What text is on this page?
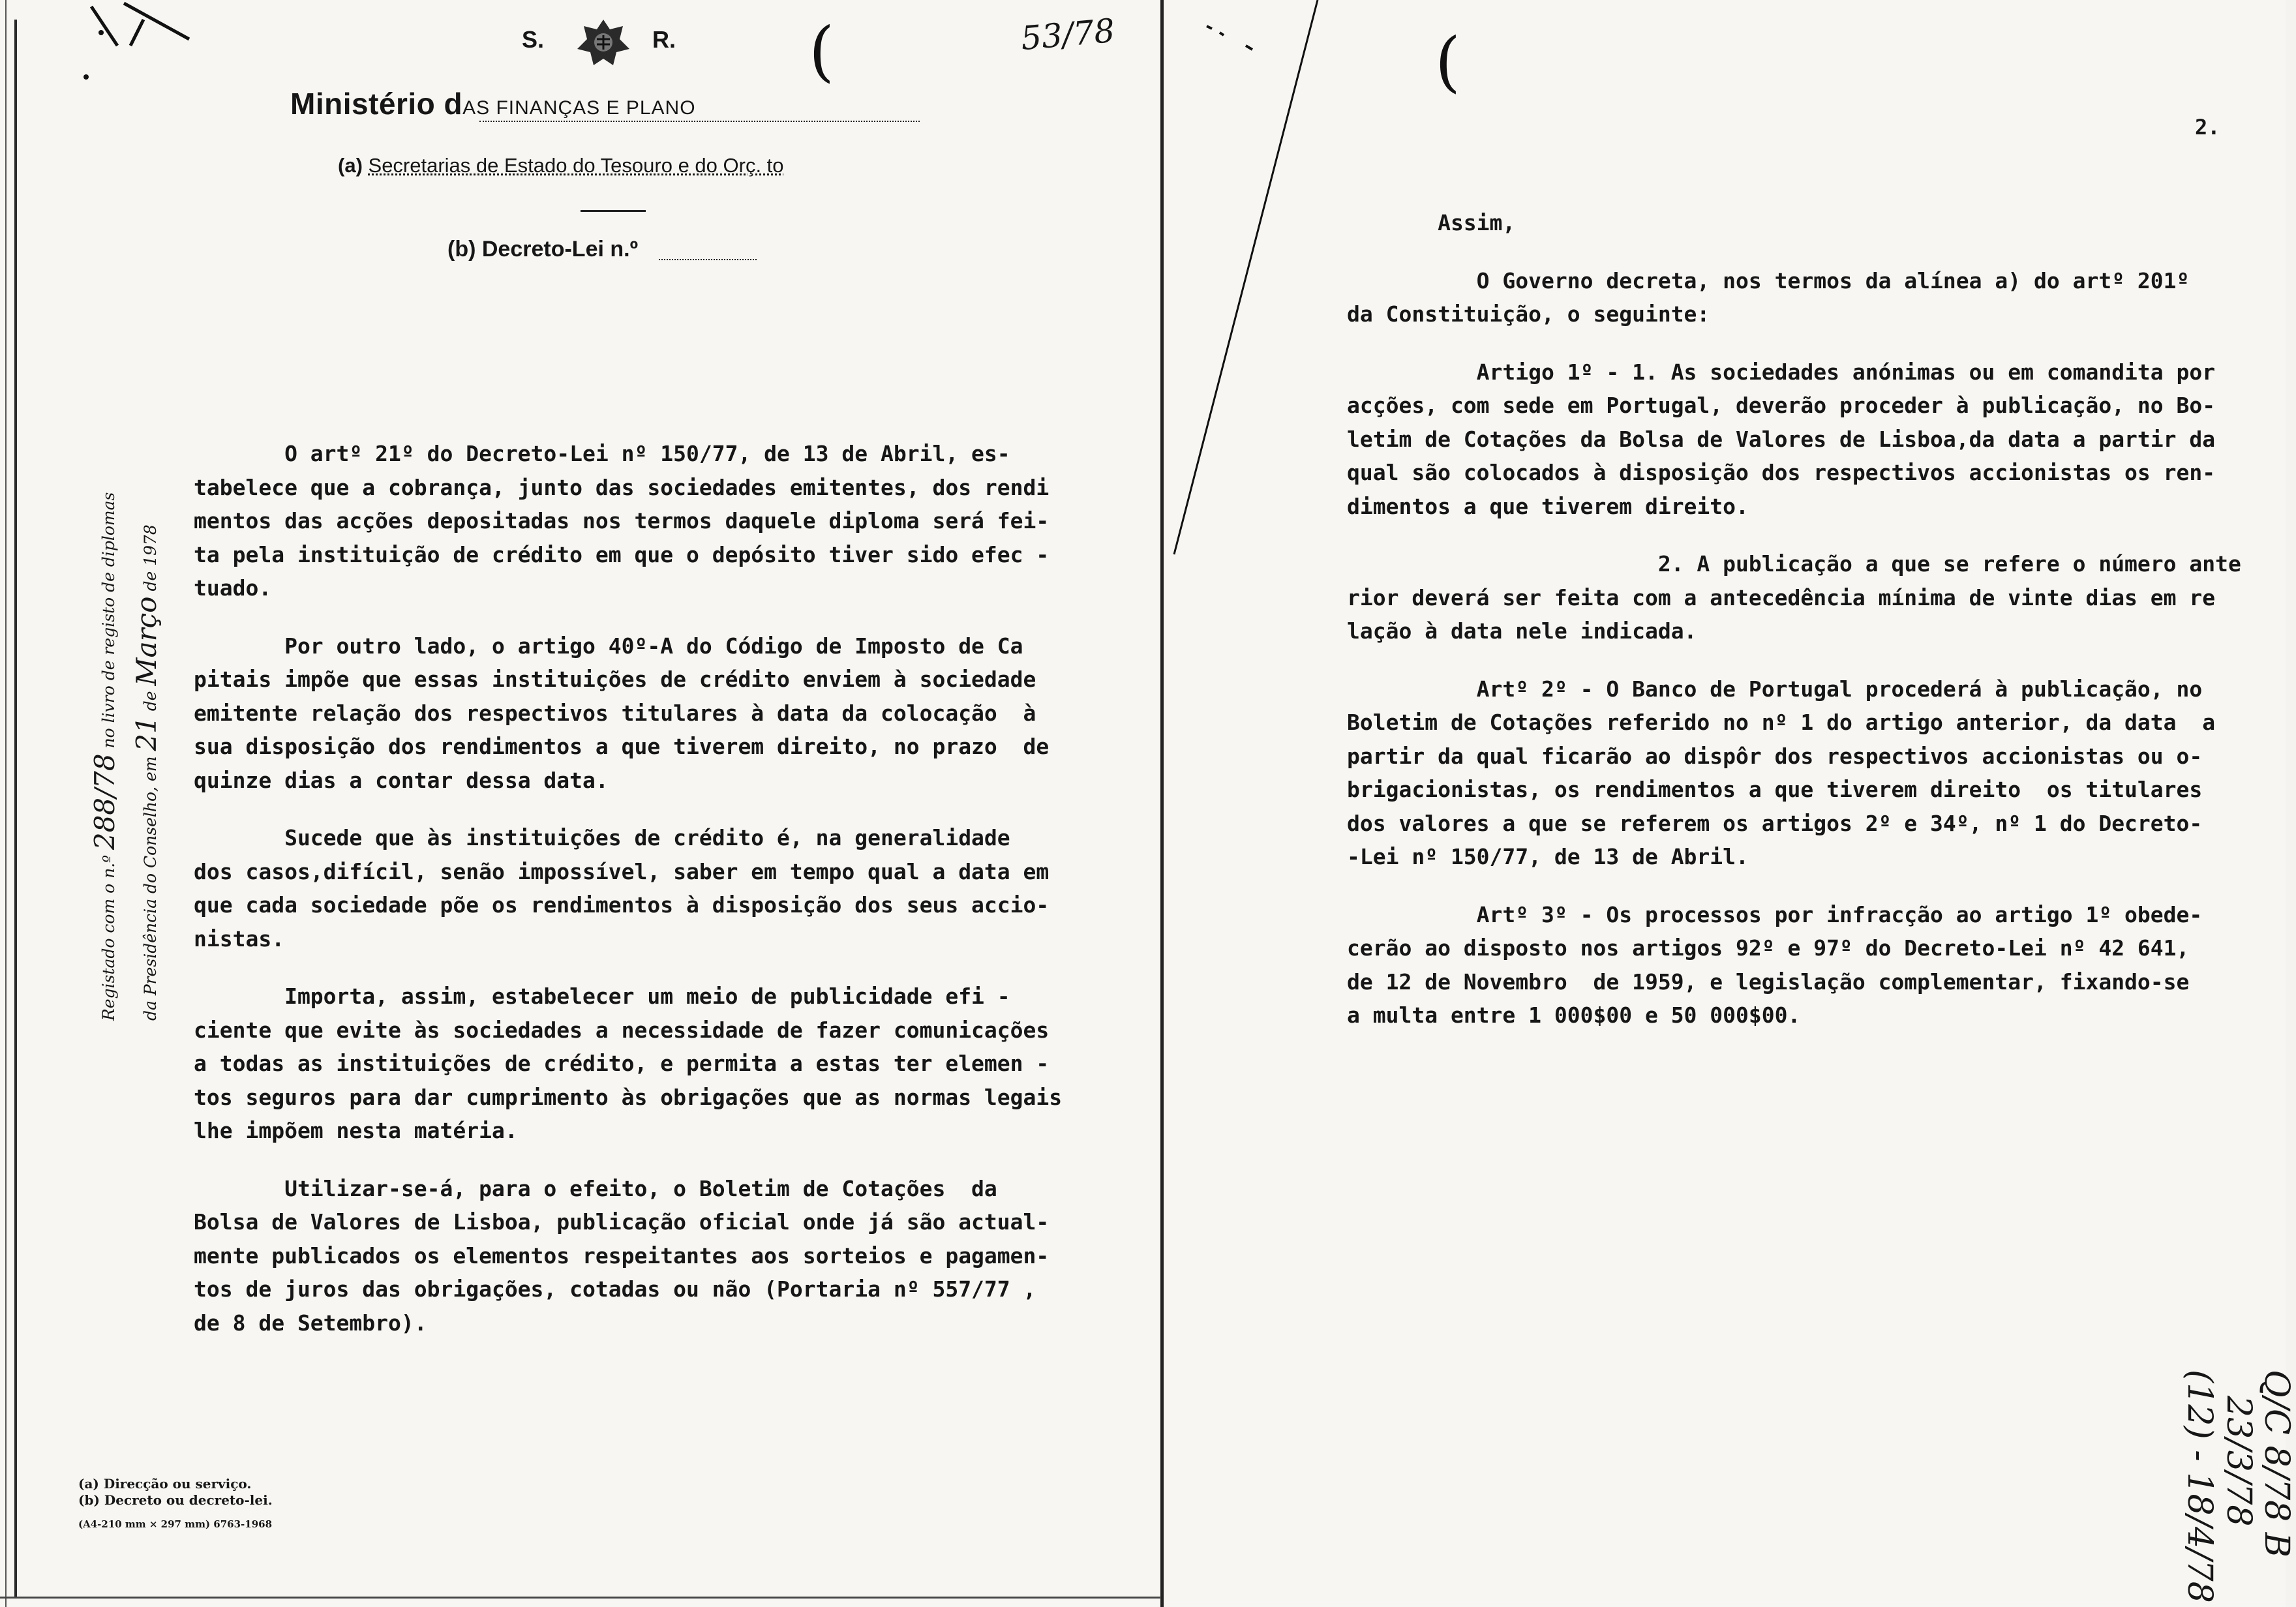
S.	R. (	53/78
Ministério dAS FINANÇAS E PLANO
(a) Secretarias de Estado do Tesouro e do Orç. to
(b) Decreto-Lei n.º

O artº 21º do Decreto-Lei nº 150/77, de 13 de Abril, es-

tabelece que a cobrança, junto das sociedades emitentes, dos rendi

mentos das acções depositadas nos termos daquele diploma será fei-

ta pela instituição de crédito em que o depósito tiver sido efec -

tuado.

Por outro lado, o artigo 40º-A do Código de Imposto de Ca

pitais impõe que essas instituições de crédito enviem à sociedade

emitente relação dos respectivos titulares à data da colocação  à

sua disposição dos rendimentos a que tiverem direito, no prazo  de

quinze dias a contar dessa data.

Sucede que às instituições de crédito é, na generalidade

dos casos,difícil, senão impossível, saber em tempo qual a data em

que cada sociedade põe os rendimentos à disposição dos seus accio-

nistas.

Importa, assim, estabelecer um meio de publicidade efi -

ciente que evite às sociedades a necessidade de fazer comunicações

a todas as instituições de crédito, e permita a estas ter elemen -

tos seguros para dar cumprimento às obrigações que as normas legais

lhe impõem nesta matéria.

Utilizar-se-á, para o efeito, o Boletim de Cotações  da

Bolsa de Valores de Lisboa, publicação oficial onde já são actual-

mente publicados os elementos respeitantes aos sorteios e pagamen-

tos de juros das obrigações, cotadas ou não (Portaria nº 557/77 ,

de 8 de Setembro).

Registado com o n.º 288/78 no livro de registo de diplomas
da Presidência do Conselho, em 21 de Março de 1978
(a) Direcção ou serviço.
(b) Decreto ou decreto-lei.
(A4-210 mm × 297 mm) 6763-1968
(
2.

Assim,

O Governo decreta, nos termos da alínea a) do artº 201º

da Constituição, o seguinte:

Artigo 1º - 1. As sociedades anónimas ou em comandita por

acções, com sede em Portugal, deverão proceder à publicação, no Bo-

letim de Cotações da Bolsa de Valores de Lisboa,da data a partir da

qual são colocados à disposição dos respectivos accionistas os ren-

dimentos a que tiverem direito.

2. A publicação a que se refere o número ante

rior deverá ser feita com a antecedência mínima de vinte dias em re

lação à data nele indicada.

Artº 2º - O Banco de Portugal procederá à publicação, no

Boletim de Cotações referido no nº 1 do artigo anterior, da data  a

partir da qual ficarão ao dispôr dos respectivos accionistas ou o-

brigacionistas, os rendimentos a que tiverem direito  os titulares

dos valores a que se referem os artigos 2º e 34º, nº 1 do Decreto-

-Lei nº 150/77, de 13 de Abril.

Artº 3º - Os processos por infracção ao artigo 1º obede-

cerão ao disposto nos artigos 92º e 97º do Decreto-Lei nº 42 641,

de 12 de Novembro  de 1959, e legislação complementar, fixando-se

a multa entre 1 000$00 e 50 000$00.

Q/C 8/78 B
23/3/78
(12) - 18/4/78
